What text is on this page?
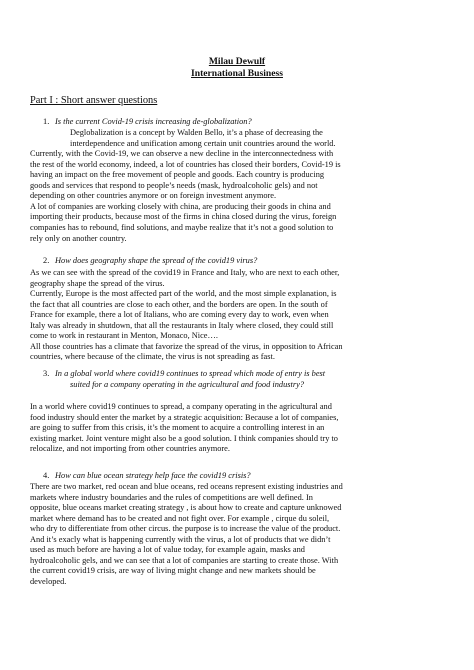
Milau Dewulf
International Business
Part I : Short answer questions
Is the current Covid-19 crisis increasing de-globalization?
1.
Deglobalization is a concept by Walden Bello, it’s a phase of decreasing the
interdependence and unification among certain unit countries around the world.
Currently, with the Covid-19, we can observe a new decline in the interconnectedness with
the rest of the world economy, indeed, a lot of countries has closed their borders, Covid-19 is
having an impact on the free movement of people and goods. Each country is producing
goods and services that respond to people’s needs (mask, hydroalcoholic gels) and not
depending on other countries anymore or on foreign investment anymore.
A lot of companies are working closely with china, are producing their goods in china and
importing their products, because most of the firms in china closed during the virus, foreign
companies has to rebound, find solutions, and maybe realize that it’s not a good solution to
rely only on another country.
How does geography shape the spread of the covid19 virus?
2.
As we can see with the spread of the covid19 in France and Italy, who are next to each other,
geography shape the spread of the virus.
Currently, Europe is the most affected part of the world, and the most simple explanation, is
the fact that all countries are close to each other, and the borders are open. In the south of
France for example, there a lot of Italians, who are coming every day to work, even when
Italy was already in shutdown, that all the restaurants in Italy where closed, they could still
come to work in restaurant in Menton, Monaco, Nice….
All those countries has a climate that favorize the spread of the virus, in opposition to African
countries, where because of the climate, the virus is not spreading as fast.
In a global world where covid19 continues to spread which mode of entry is best
3.
suited for a company operating in the agricultural and food industry?
In a world where covid19 continues to spread, a company operating in the agricultural and
food industry should enter the market by a strategic acquisition: Because a lot of companies,
are going to suffer from this crisis, it’s the moment to acquire a controlling interest in an
existing market. Joint venture might also be a good solution. I think companies should try to
relocalize, and not importing from other countries anymore.
How can blue ocean strategy help face the covid19 crisis?
4.
There are two market, red ocean and blue oceans, red oceans represent existing industries and
markets where industry boundaries and the rules of competitions are well defined. In
opposite, blue oceans market creating strategy , is about how to create and capture unknowed
market where demand has to be created and not fight over. For example , cirque du soleil,
who dry to differentiate from other circus. the purpose is to increase the value of the product.
And it’s exacly what is happening currently with the virus, a lot of products that we didn’t
used as much before are having a lot of value today, for example again, masks and
hydroalcoholic gels, and we can see that a lot of companies are starting to create those. With
the current covid19 crisis, are way of living might change and new markets should be
developed.
